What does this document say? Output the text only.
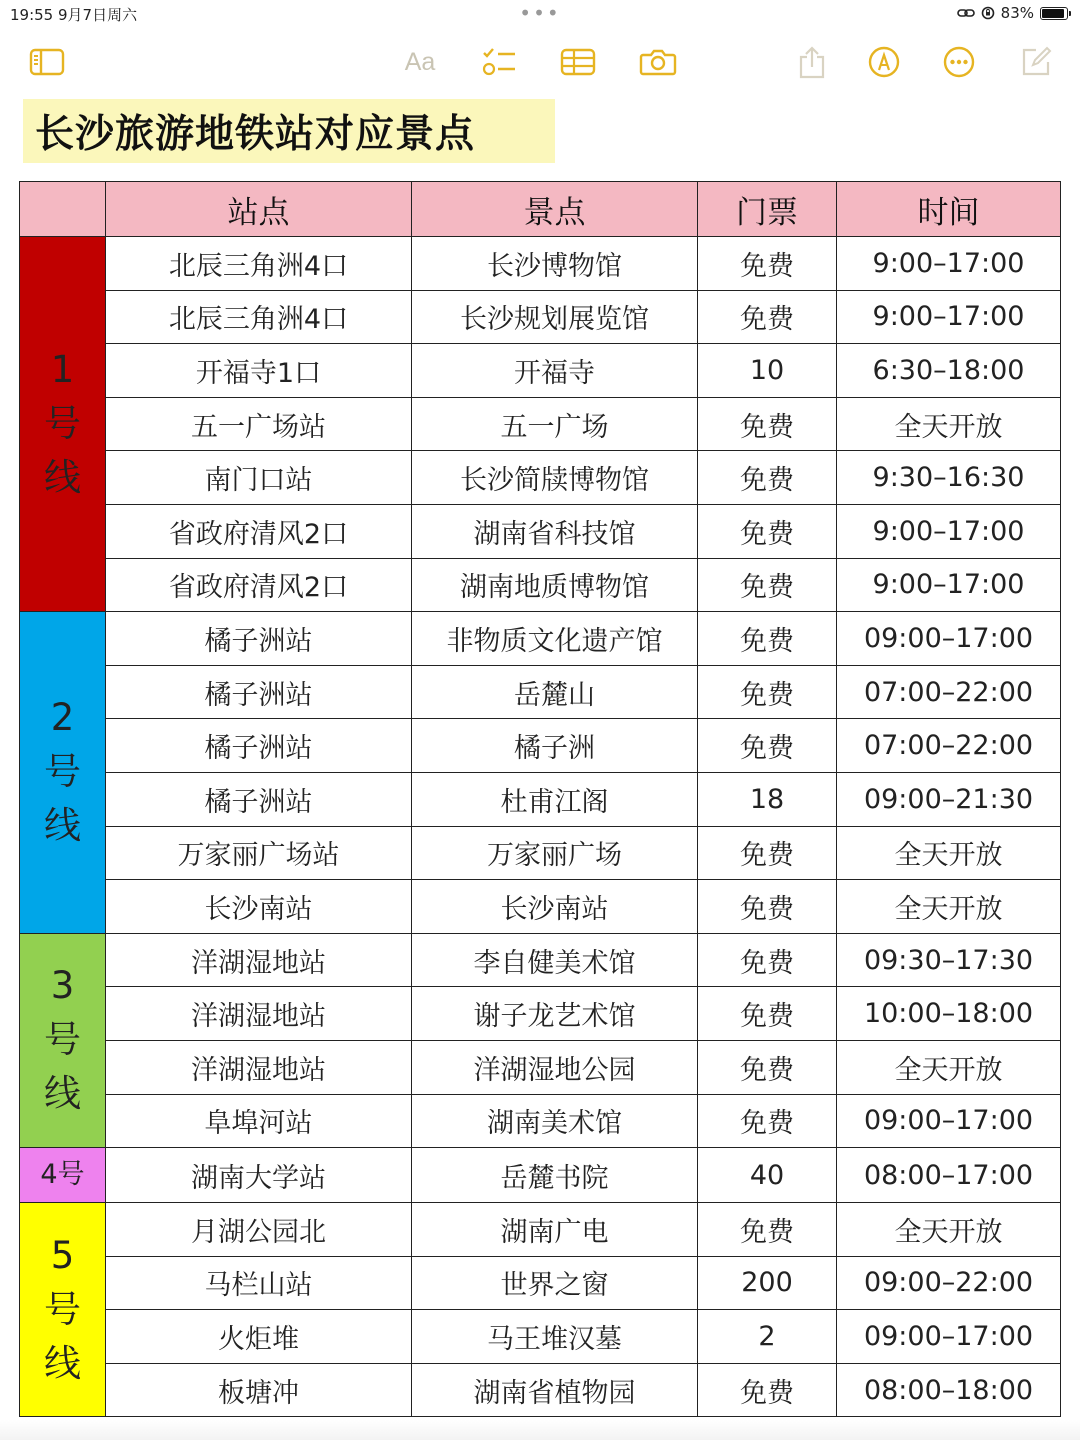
19:55 9月7日周六	•••	83%
Aa
长沙旅游地铁站对应景点
	站点	景点	门票	时间
1号线	北辰三角洲4口	长沙博物馆	免费	9:00–17:00
	北辰三角洲4口	长沙规划展览馆	免费	9:00–17:00
	开福寺1口	开福寺	10	6:30–18:00
	五一广场站	五一广场	免费	全天开放
	南门口站	长沙简牍博物馆	免费	9:30–16:30
	省政府清风2口	湖南省科技馆	免费	9:00–17:00
	省政府清风2口	湖南地质博物馆	免费	9:00–17:00
2号线	橘子洲站	非物质文化遗产馆	免费	09:00–17:00
	橘子洲站	岳麓山	免费	07:00–22:00
	橘子洲站	橘子洲	免费	07:00–22:00
	橘子洲站	杜甫江阁	18	09:00–21:30
	万家丽广场站	万家丽广场	免费	全天开放
	长沙南站	长沙南站	免费	全天开放
3号线	洋湖湿地站	李自健美术馆	免费	09:30–17:30
	洋湖湿地站	谢子龙艺术馆	免费	10:00–18:00
	洋湖湿地站	洋湖湿地公园	免费	全天开放
	阜埠河站	湖南美术馆	免费	09:00–17:00
4号	湖南大学站	岳麓书院	40	08:00–17:00
5号线	月湖公园北	湖南广电	免费	全天开放
	马栏山站	世界之窗	200	09:00–22:00
	火炬堆	马王堆汉墓	2	09:00–17:00
	板塘冲	湖南省植物园	免费	08:00–18:00
